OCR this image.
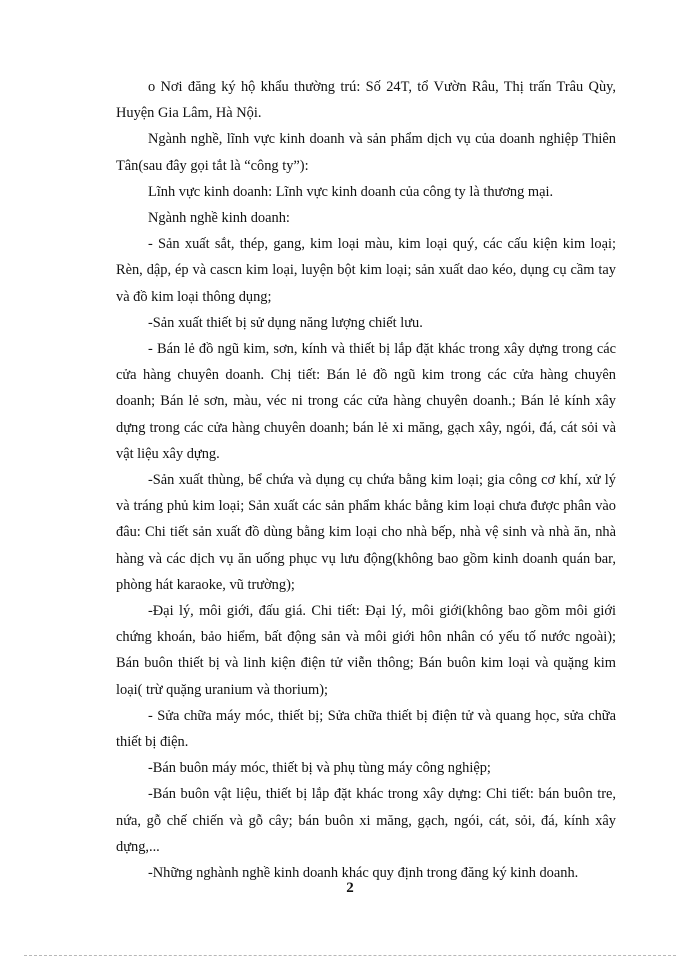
o Nơi đăng ký hộ khẩu thường trú: Số 24T, tổ Vườn Râu, Thị trấn Trâu Qùy, Huyện Gia Lâm, Hà Nội.

Ngành nghề, lĩnh vực kinh doanh và sản phẩm dịch vụ của doanh nghiệp Thiên Tân(sau đây gọi tắt là “công ty”):

Lĩnh vực kinh doanh: Lĩnh vực kinh doanh của công ty là thương mại.

Ngành nghề kinh doanh:

- Sản xuất sắt, thép, gang, kim loại màu, kim loại quý, các cấu kiện kim loại; Rèn, dập, ép và cascn kim loại, luyện bột kim loại; sản xuất dao kéo, dụng cụ cầm tay và đồ kim loại thông dụng;

-Sản xuất thiết bị sử dụng năng lượng chiết lưu.

- Bán lẻ đồ ngũ kim, sơn, kính và thiết bị lắp đặt khác trong xây dựng trong các cửa hàng chuyên doanh. Chị tiết: Bán lẻ đồ ngũ kim trong các cửa hàng chuyên doanh; Bán lẻ sơn, màu, véc ni trong các cửa hàng chuyên doanh.; Bán lẻ kính xây dựng trong các cửa hàng chuyên doanh; bán lẻ xi măng, gạch xây, ngói, đá, cát sỏi và vật liệu xây dựng.

-Sản xuất thùng, bể chứa và dụng cụ chứa bằng kim loại; gia công cơ khí, xử lý và tráng phủ kim loại; Sản xuất các sản phẩm khác bằng kim loại chưa được phân vào đâu: Chi tiết sản xuất đồ dùng bằng kim loại cho nhà bếp, nhà vệ sinh và nhà ăn, nhà hàng và các dịch vụ ăn uống phục vụ lưu động(không bao gồm kinh doanh quán bar, phòng hát karaoke, vũ trường);

-Đại lý, môi giới, đấu giá. Chi tiết: Đại lý, môi giới(không bao gồm môi giới chứng khoán, bảo hiểm, bất động sản và môi giới hôn nhân có yếu tố nước ngoài); Bán buôn thiết bị và linh kiện điện tử viễn thông; Bán buôn kim loại và quặng kim loại( trừ quặng uranium và thorium);

- Sửa chữa máy móc, thiết bị; Sửa chữa thiết bị điện tử và quang học, sửa chữa thiết bị điện.

-Bán buôn máy móc, thiết bị và phụ tùng máy công nghiệp;

-Bán buôn vật liệu, thiết bị lắp đặt khác trong xây dựng: Chi tiết: bán buôn tre, nứa, gỗ chế chiến và gỗ cây; bán buôn xi măng, gạch, ngói, cát, sỏi, đá, kính xây dựng,...

-Những nghành nghề kinh doanh khác quy định trong đăng ký kinh doanh.

2
